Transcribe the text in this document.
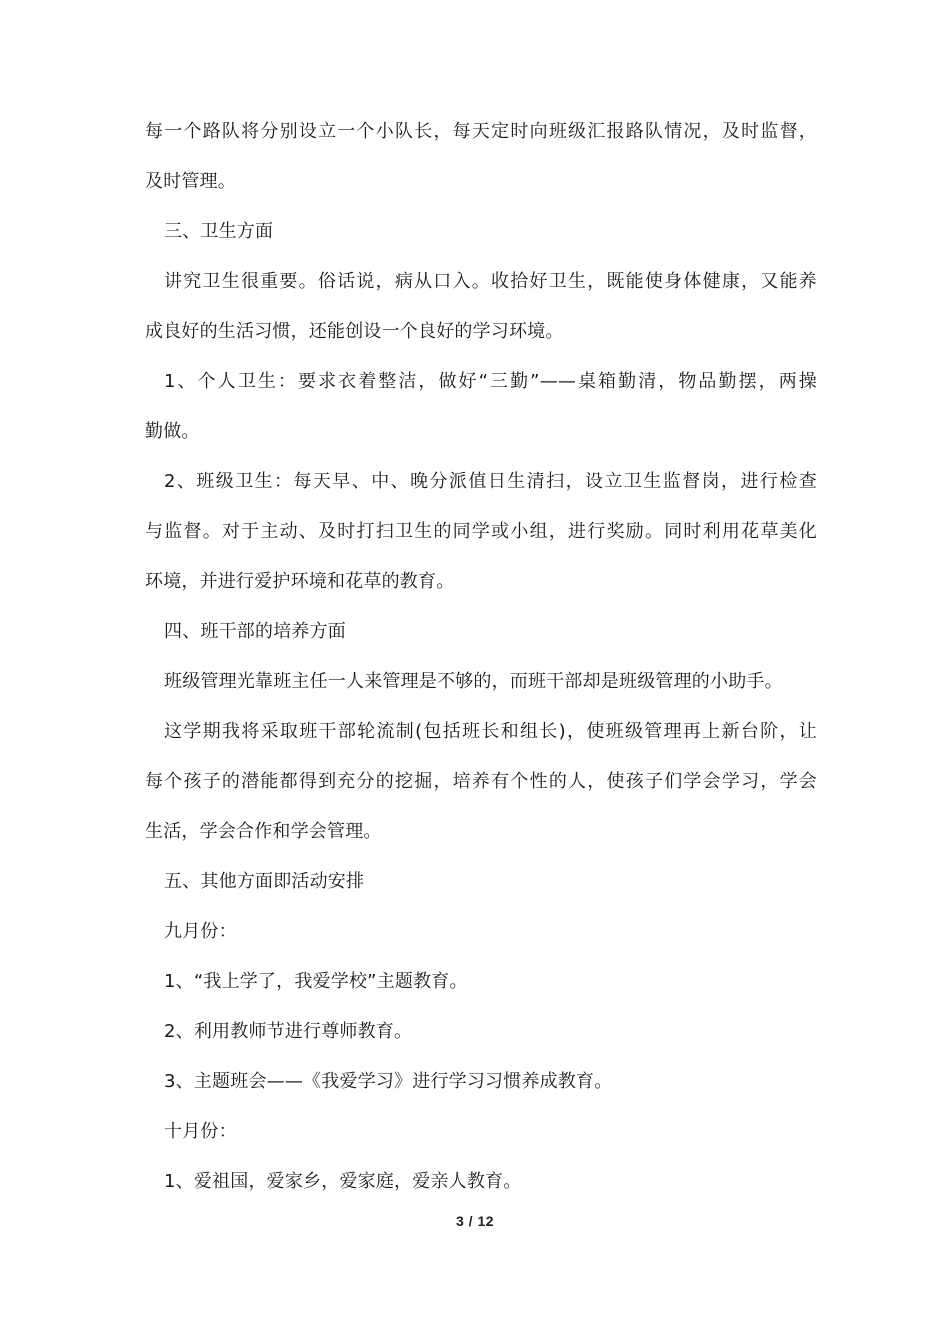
每一个路队将分别设立一个小队长，每天定时向班级汇报路队情况，及时监督，
及时管理。
三、卫生方面
讲究卫生很重要。俗话说，病从口入。收拾好卫生，既能使身体健康，又能养
成良好的生活习惯，还能创设一个良好的学习环境。
1、个人卫生：要求衣着整洁，做好“三勤”——桌箱勤清，物品勤摆，两操
勤做。
2、班级卫生：每天早、中、晚分派值日生清扫，设立卫生监督岗，进行检查
与监督。对于主动、及时打扫卫生的同学或小组，进行奖励。同时利用花草美化
环境，并进行爱护环境和花草的教育。
四、班干部的培养方面
班级管理光靠班主任一人来管理是不够的，而班干部却是班级管理的小助手。
这学期我将采取班干部轮流制(包括班长和组长)，使班级管理再上新台阶，让
每个孩子的潜能都得到充分的挖掘，培养有个性的人，使孩子们学会学习，学会
生活，学会合作和学会管理。
五、其他方面即活动安排
九月份：
1、“我上学了，我爱学校”主题教育。
2、利用教师节进行尊师教育。
3、主题班会——《我爱学习》进行学习习惯养成教育。
十月份：
1、爱祖国，爱家乡，爱家庭，爱亲人教育。
3 / 12
